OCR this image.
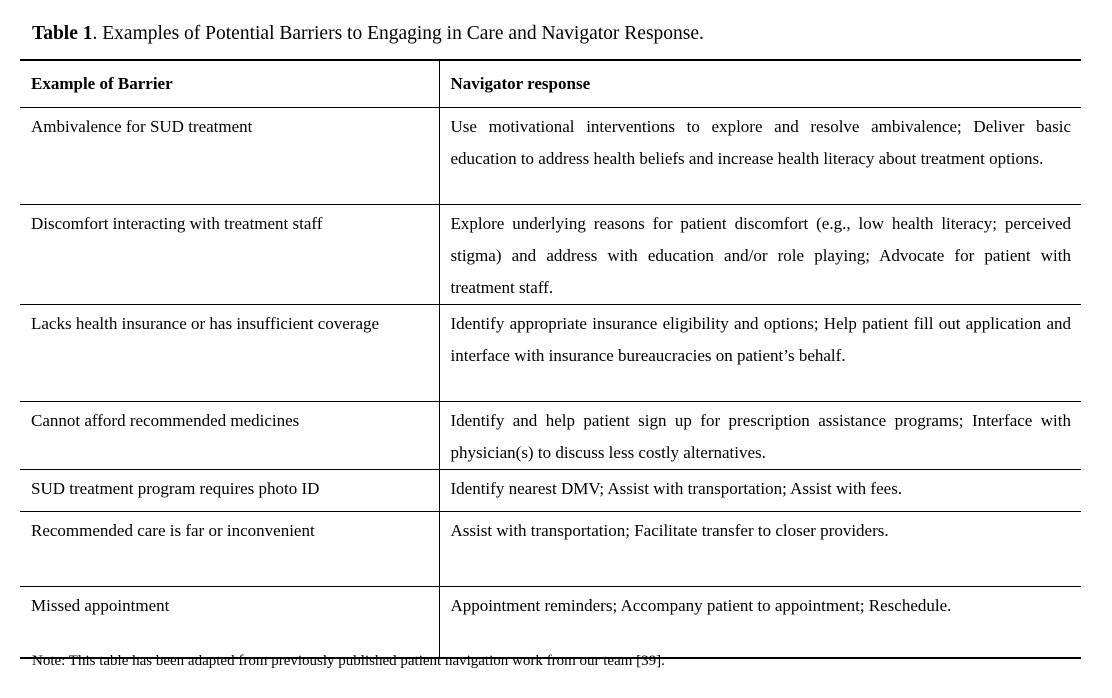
Table 1. Examples of Potential Barriers to Engaging in Care and Navigator Response.
Example of Barrier	Navigator response
Ambivalence for SUD treatment	Use motivational interventions to explore and resolve ambivalence; Deliver basic education to address health beliefs and increase health literacy about treatment options.
Discomfort interacting with treatment staff	Explore underlying reasons for patient discomfort (e.g., low health literacy; perceived stigma) and address with education and/or role playing; Advocate for patient with treatment staff.
Lacks health insurance or has insufficient coverage	Identify appropriate insurance eligibility and options; Help patient fill out application and interface with insurance bureaucracies on patient’s behalf.
Cannot afford recommended medicines	Identify and help patient sign up for prescription assistance programs; Interface with physician(s) to discuss less costly alternatives.
SUD treatment program requires photo ID	Identify nearest DMV; Assist with transportation; Assist with fees.
Recommended care is far or inconvenient	Assist with transportation; Facilitate transfer to closer providers.
Missed appointment	Appointment reminders; Accompany patient to appointment; Reschedule.
Note: This table has been adapted from previously published patient navigation work from our team [39].
